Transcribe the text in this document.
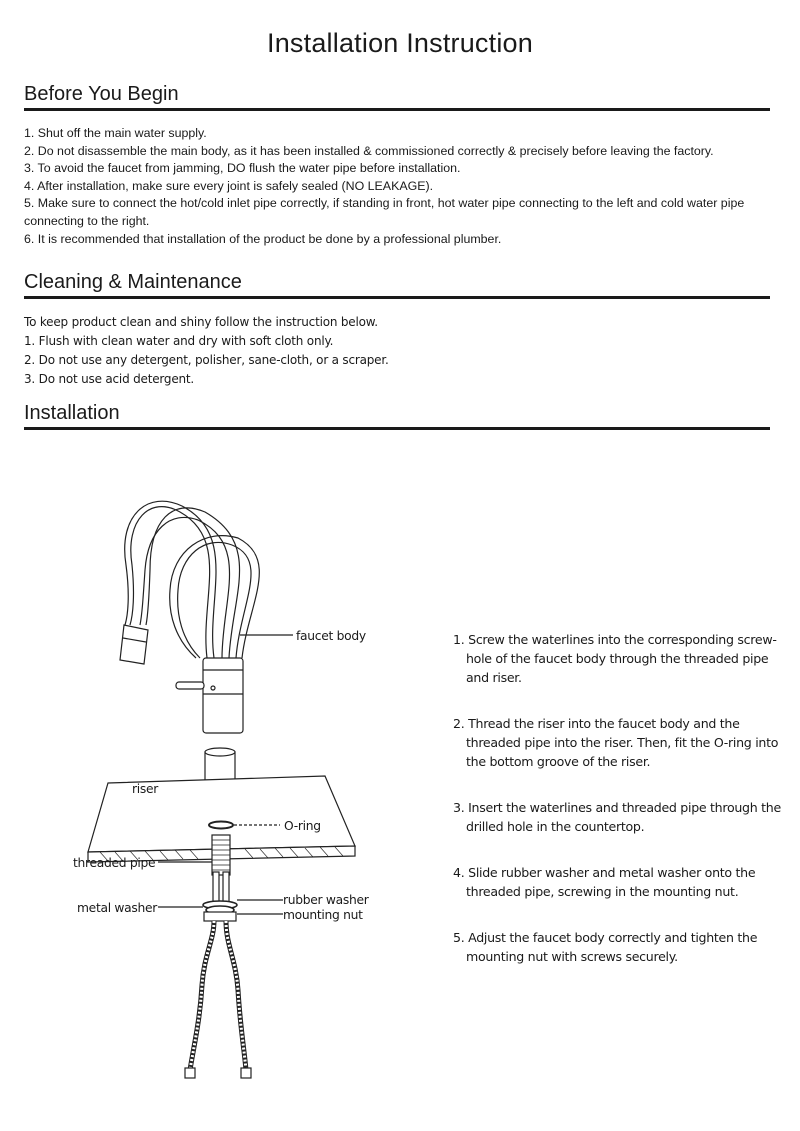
Installation Instruction
Before You Begin
1. Shut off the main water supply.
2. Do not disassemble the main body, as it has been installed & commissioned correctly & precisely before leaving the factory.
3. To avoid the faucet from jamming, DO flush the water pipe before installation.
4. After installation, make sure every joint is safely sealed (NO LEAKAGE).
5. Make sure to connect the hot/cold inlet pipe correctly, if standing in front, hot water pipe connecting to the left and cold water pipe connecting to the right.
6. It is recommended that installation of the product be done by a professional plumber.
Cleaning & Maintenance

To keep product clean and shiny follow the instruction below.

1. Flush with clean water and dry with soft cloth only.

2. Do not use any detergent, polisher, sane-cloth, or a scraper.

3. Do not use acid detergent.

Installation
faucet body
riser
O-ring
threaded pipe
metal washer
rubber washer
mounting nut
1. Screw the waterlines into the corresponding screw-hole of the faucet body through the threaded pipe and riser.
2. Thread the riser into the faucet body and the threaded pipe into the riser. Then, fit the O-ring into the bottom groove of the riser.
3. Insert the waterlines and threaded pipe through the drilled hole in the countertop.
4. Slide rubber washer and metal washer onto the threaded pipe, screwing in the mounting nut.
5. Adjust the faucet body correctly and tighten the mounting nut with screws securely.
